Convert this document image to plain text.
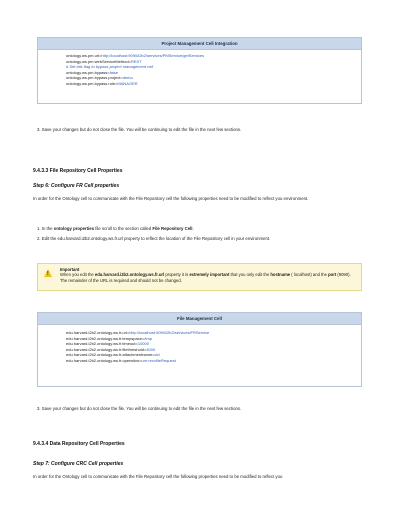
Project Management Cell Integration
ontology.ws.pm.url=http://localhost:9090/i2b2/services/PMService/getServices
ontology.ws.pm.webServiceMethod=REST
# Set this flag to bypass project management cell
ontology.ws.pm.bypass=false
ontology.ws.pm.bypass.project=demo
ontology.ws.pm.bypass.role=MANAGER
3. Save your changes but do not close the file. You will be continuing to edit the file in the next few sections.
9.4.3.3 File Repository Cell Properties
Step 6: Configure FR Cell properties
In order for the Ontology cell to communicate with the File Repository cell the following properties need to be modified to reflect you environment.
1. In the ontology properties file scroll to the section called File Repository Cell.
2. Edit the edu.harvard.i2b2.ontology.ws.fr.url property to reflect the location of the File Repository cell in your environment.
!
Important
When you edit the edu.harvard.i2b2.ontology.ws.fr.url property it is extremely important that you only edit the hostname ( localhost) and the port (9090). The remainder of the URL is required and should not be changed.
File Management Cell
edu.harvard.i2b2.ontology.ws.fr.url=http://localhost:9090/i2b2/services/FRService
edu.harvard.i2b2.ontology.ws.fr.tempspace=/tmp
edu.harvard.i2b2.ontology.ws.fr.timeout=10000
edu.harvard.i2b2.ontology.ws.fr.filethreshold=4000
edu.harvard.i2b2.ontology.ws.fr.attachmentname=cid
edu.harvard.i2b2.ontology.ws.fr.operation=urn:recvfileRequest
3. Save your changes but do not close the file. You will be continuing to edit the file in the next few sections.
9.4.3.4 Data Repository Cell Properties
Step 7: Configure CRC Cell properties
In order for the Ontology cell to communicate with the File Repository cell the following properties need to be modified to reflect you
